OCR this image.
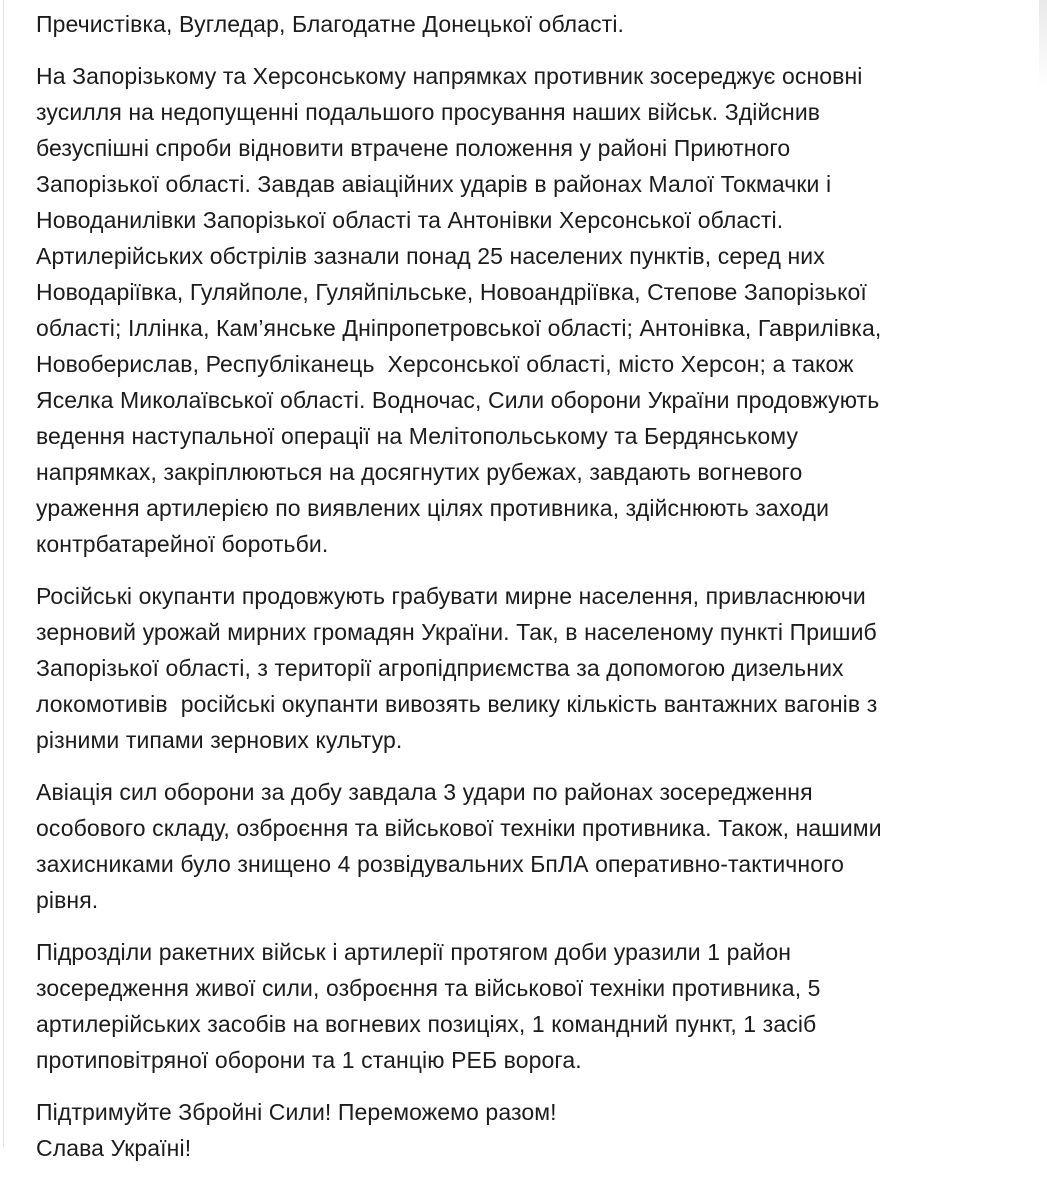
Пречистівка, Вугледар, Благодатне Донецької області.
На Запорізькому та Херсонському напрямках противник зосереджує основні
зусилля на недопущенні подальшого просування наших військ. Здійснив
безуспішні спроби відновити втрачене положення у районі Приютного
Запорізької області. Завдав авіаційних ударів в районах Малої Токмачки і
Новоданилівки Запорізької області та Антонівки Херсонської області.
Артилерійських обстрілів зазнали понад 25 населених пунктів, серед них
Новодаріївка, Гуляйполе, Гуляйпільське, Новоандріївка, Степове Запорізької
області; Іллінка, Кам’янське Дніпропетровської області; Антонівка, Гаврилівка,
Новоберислав, Республіканець  Херсонської області, місто Херсон; а також
Яселка Миколаївської області. Водночас, Сили оборони України продовжують
ведення наступальної операції на Мелітопольському та Бердянському
напрямках, закріплюються на досягнутих рубежах, завдають вогневого
ураження артилерією по виявлених цілях противника, здійснюють заходи
контрбатарейної боротьби.
Російські окупанти продовжують грабувати мирне населення, привласнюючи
зерновий урожай мирних громадян України. Так, в населеному пункті Пришиб
Запорізької області, з території агропідприємства за допомогою дизельних
локомотивів  російські окупанти вивозять велику кількість вантажних вагонів з
різними типами зернових культур.
Авіація сил оборони за добу завдала 3 удари по районах зосередження
особового складу, озброєння та військової техніки противника. Також, нашими
захисниками було знищено 4 розвідувальних БпЛА оперативно-тактичного
рівня.
Підрозділи ракетних військ і артилерії протягом доби уразили 1 район
зосередження живої сили, озброєння та військової техніки противника, 5
артилерійських засобів на вогневих позиціях, 1 командний пункт, 1 засіб
протиповітряної оборони та 1 станцію РЕБ ворога.
Підтримуйте Збройні Сили! Переможемо разом!
Слава Україні!
